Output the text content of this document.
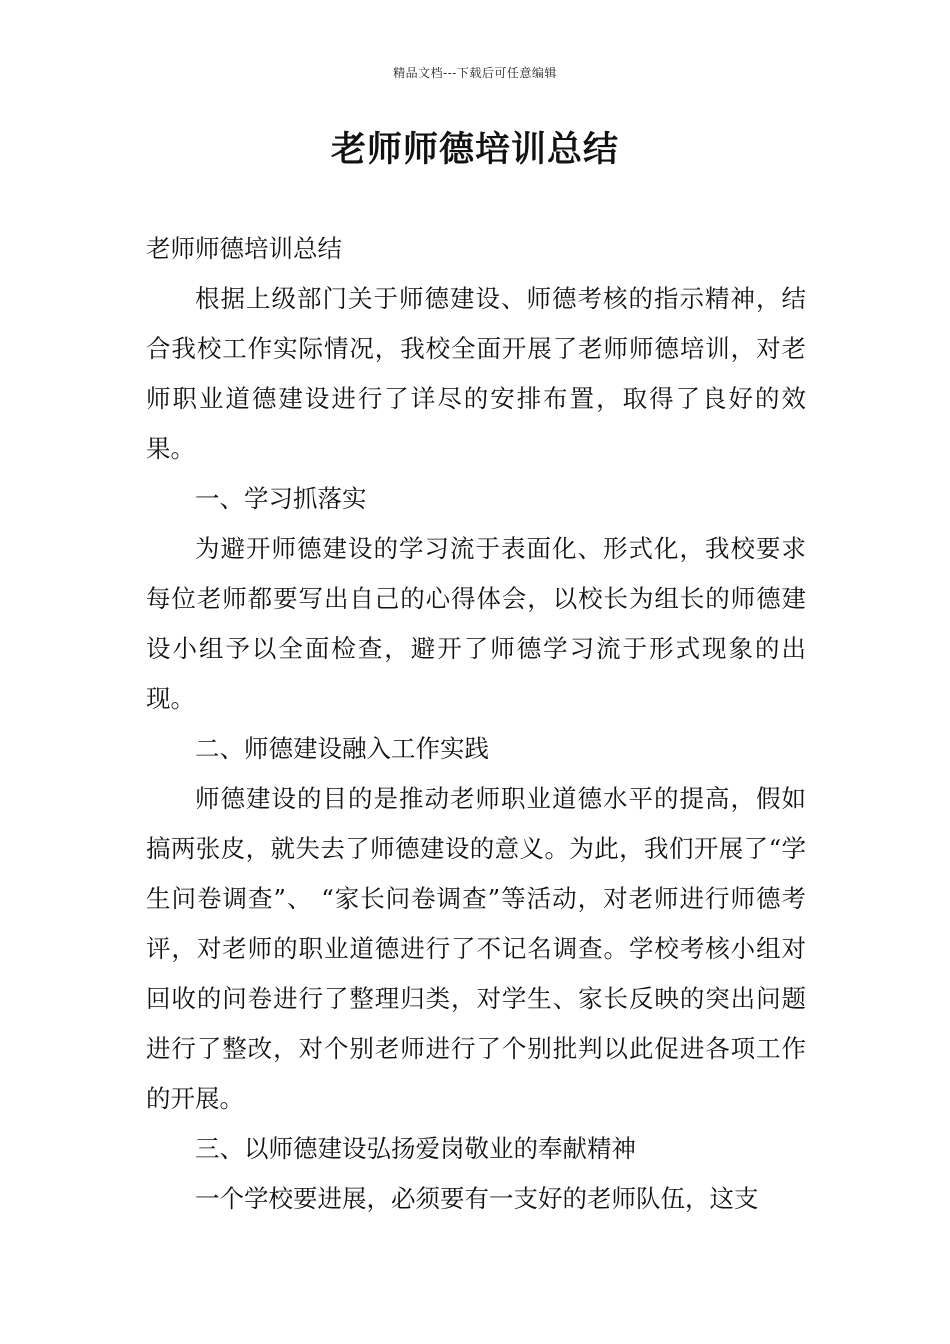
精品文档---下载后可任意编辑
老师师德培训总结

老师师德培训总结

根据上级部门关于师德建设、师德考核的指示精神，结合我校工作实际情况，我校全面开展了老师师德培训，对老师职业道德建设进行了详尽的安排布置，取得了良好的效果。

一、学习抓落实

为避开师德建设的学习流于表面化、形式化，我校要求每位老师都要写出自己的心得体会，以校长为组长的师德建设小组予以全面检查，避开了师德学习流于形式现象的出现。

二、师德建设融入工作实践

师德建设的目的是推动老师职业道德水平的提高，假如搞两张皮，就失去了师德建设的意义。为此，我们开展了“学生问卷调查”、 “家长问卷调查”等活动，对老师进行师德考评，对老师的职业道德进行了不记名调查。学校考核小组对回收的问卷进行了整理归类，对学生、家长反映的突出问题进行了整改，对个别老师进行了个别批判以此促进各项工作的开展。

三、以师德建设弘扬爱岗敬业的奉献精神

一个学校要进展，必须要有一支好的老师队伍，这支
